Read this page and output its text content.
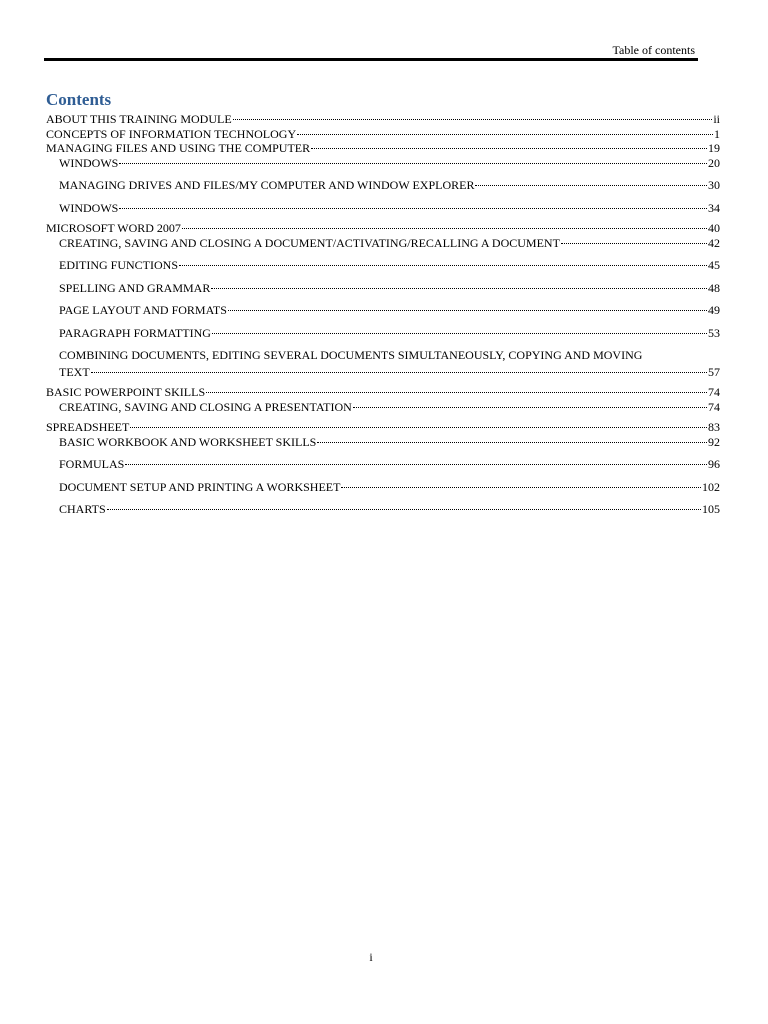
Table of contents
Contents
ABOUT THIS TRAINING MODULE	ii
CONCEPTS OF INFORMATION TECHNOLOGY	1
MANAGING FILES AND USING THE COMPUTER	19
WINDOWS	20
MANAGING DRIVES AND FILES/MY COMPUTER AND WINDOW EXPLORER	30
WINDOWS	34
MICROSOFT WORD 2007	40
CREATING, SAVING AND CLOSING A DOCUMENT/ACTIVATING/RECALLING A DOCUMENT	42
EDITING FUNCTIONS	45
SPELLING AND GRAMMAR	48
PAGE LAYOUT AND FORMATS	49
PARAGRAPH FORMATTING	53
COMBINING DOCUMENTS, EDITING SEVERAL DOCUMENTS SIMULTANEOUSLY, COPYING AND MOVING
TEXT	57
BASIC POWERPOINT SKILLS	74
CREATING, SAVING AND CLOSING A PRESENTATION	74
SPREADSHEET	83
BASIC WORKBOOK AND WORKSHEET SKILLS	92
FORMULAS	96
DOCUMENT SETUP AND PRINTING A WORKSHEET	102
CHARTS	105
i
